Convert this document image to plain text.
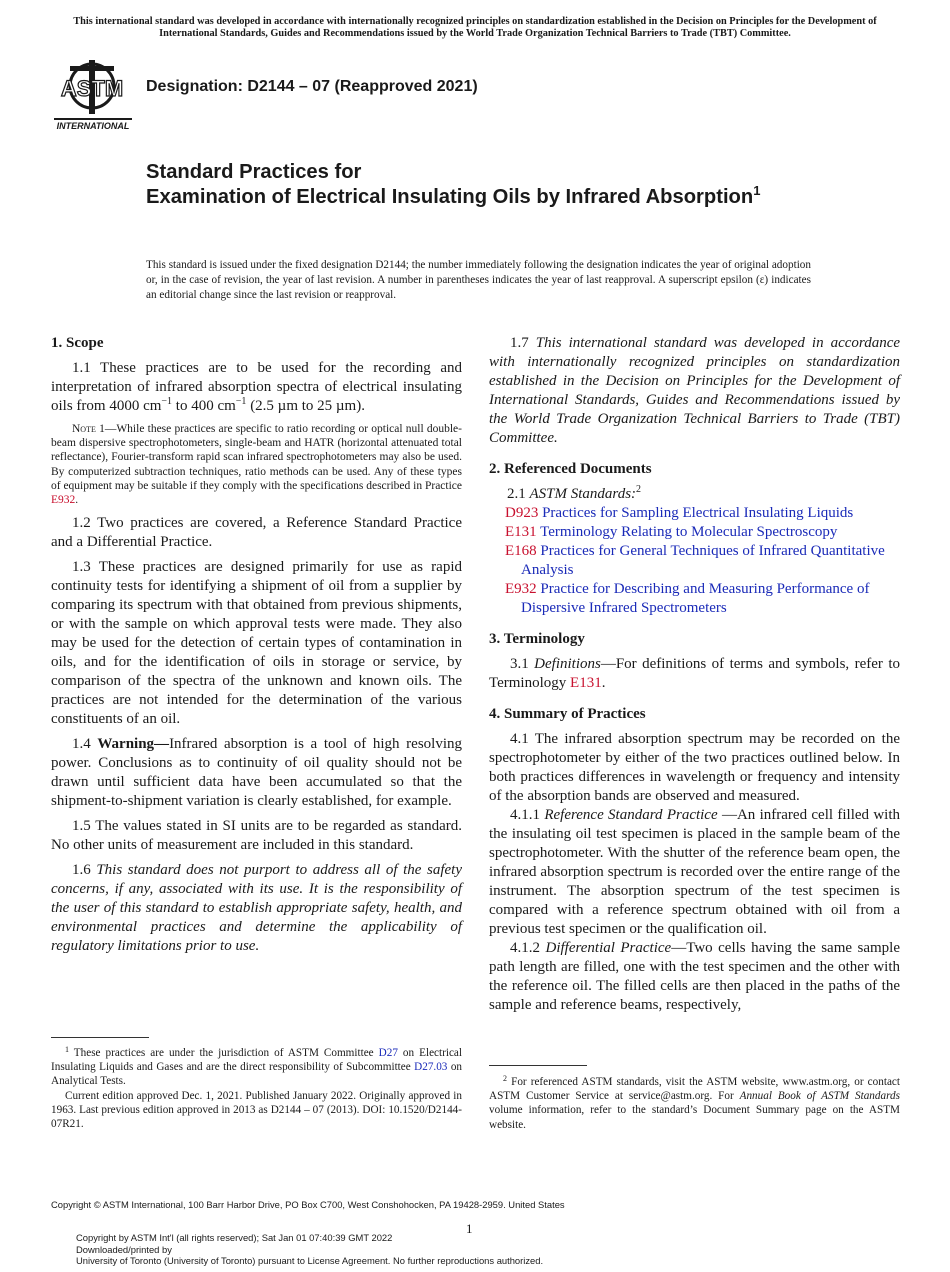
This international standard was developed in accordance with internationally recognized principles on standardization established in the Decision on Principles for the Development of International Standards, Guides and Recommendations issued by the World Trade Organization Technical Barriers to Trade (TBT) Committee.
ASTM
INTERNATIONAL
Designation: D2144 – 07 (Reapproved 2021)
Standard Practices for
Examination of Electrical Insulating Oils by Infrared Absorption$^1$
This standard is issued under the fixed designation D2144; the number immediately following the designation indicates the year of original adoption or, in the case of revision, the year of last revision. A number in parentheses indicates the year of last reapproval. A superscript epsilon (ε) indicates an editorial change since the last revision or reapproval.
1. Scope

1.1 These practices are to be used for the recording and interpretation of infrared absorption spectra of electrical insulating oils from 4000 $cm^{-1}$ to 400 $cm^{-1}$ (2.5 µm to 25 µm).

Note 1—While these practices are specific to ratio recording or optical null double-beam dispersive spectrophotometers, single-beam and HATR (horizontal attenuated total reflectance), Fourier-transform rapid scan infrared spectrophotometers may also be used. By computerized subtraction techniques, ratio methods can be used. Any of these types of equipment may be suitable if they comply with the specifications described in Practice E932.

1.2 Two practices are covered, a Reference Standard Practice and a Differential Practice.

1.3 These practices are designed primarily for use as rapid continuity tests for identifying a shipment of oil from a supplier by comparing its spectrum with that obtained from previous shipments, or with the sample on which approval tests were made. They also may be used for the detection of certain types of contamination in oils, and for the identification of oils in storage or service, by comparison of the spectra of the unknown and known oils. The practices are not intended for the determination of the various constituents of an oil.

1.4 Warning—Infrared absorption is a tool of high resolving power. Conclusions as to continuity of oil quality should not be drawn until sufficient data have been accumulated so that the shipment-to-shipment variation is clearly established, for example.

1.5 The values stated in SI units are to be regarded as standard. No other units of measurement are included in this standard.

1.6 This standard does not purport to address all of the safety concerns, if any, associated with its use. It is the responsibility of the user of this standard to establish appropriate safety, health, and environmental practices and determine the applicability of regulatory limitations prior to use.

1.7 This international standard was developed in accordance with internationally recognized principles on standardization established in the Decision on Principles for the Development of International Standards, Guides and Recommendations issued by the World Trade Organization Technical Barriers to Trade (TBT) Committee.

2. Referenced Documents

2.1 ASTM Standards:$^2$

D923 Practices for Sampling Electrical Insulating Liquids

E131 Terminology Relating to Molecular Spectroscopy

E168 Practices for General Techniques of Infrared Quantitative Analysis

E932 Practice for Describing and Measuring Performance of Dispersive Infrared Spectrometers

3. Terminology

3.1 Definitions—For definitions of terms and symbols, refer to Terminology E131.

4. Summary of Practices

4.1 The infrared absorption spectrum may be recorded on the spectrophotometer by either of the two practices outlined below. In both practices differences in wavelength or frequency and intensity of the absorption bands are observed and measured.

4.1.1 Reference Standard Practice —An infrared cell filled with the insulating oil test specimen is placed in the sample beam of the spectrophotometer. With the shutter of the reference beam open, the infrared absorption spectrum is recorded over the entire range of the instrument. The absorption spectrum of the test specimen is compared with a reference spectrum obtained with oil from a previous test specimen or the qualification oil.

4.1.2 Differential Practice—Two cells having the same sample path length are filled, one with the test specimen and the other with the reference oil. The filled cells are then placed in the paths of the sample and reference beams, respectively,

$^1$ These practices are under the jurisdiction of ASTM Committee D27 on Electrical Insulating Liquids and Gases and are the direct responsibility of Subcommittee D27.03 on Analytical Tests.

Current edition approved Dec. 1, 2021. Published January 2022. Originally approved in 1963. Last previous edition approved in 2013 as D2144 – 07 (2013). DOI: 10.1520/D2144-07R21.

$^2$ For referenced ASTM standards, visit the ASTM website, www.astm.org, or contact ASTM Customer Service at service@astm.org. For Annual Book of ASTM Standards volume information, refer to the standard’s Document Summary page on the ASTM website.

Copyright © ASTM International, 100 Barr Harbor Drive, PO Box C700, West Conshohocken, PA 19428-2959. United States
1
Copyright by ASTM Int'l (all rights reserved); Sat Jan 01 07:40:39 GMT 2022
Downloaded/printed by
University of Toronto (University of Toronto) pursuant to License Agreement. No further reproductions authorized.
